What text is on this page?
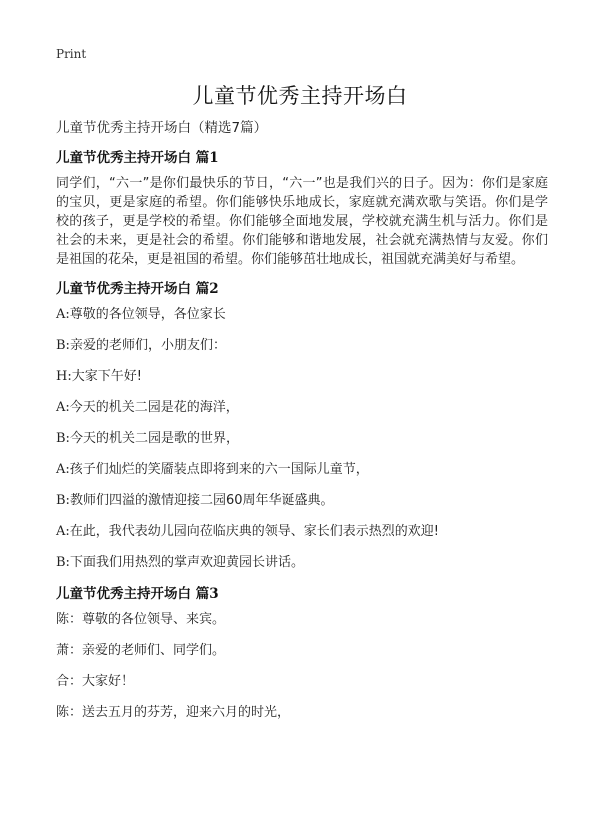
Print
儿童节优秀主持开场白
儿童节优秀主持开场白（精选7篇）
儿童节优秀主持开场白 篇1
同学们，“六一”是你们最快乐的节日，“六一”也是我们兴的日子。因为：你们是家庭的宝贝，更是家庭的希望。你们能够快乐地成长，家庭就充满欢歌与笑语。你们是学校的孩子，更是学校的希望。你们能够全面地发展，学校就充满生机与活力。你们是社会的未来，更是社会的希望。你们能够和谐地发展，社会就充满热情与友爱。你们是祖国的花朵，更是祖国的希望。你们能够茁壮地成长，祖国就充满美好与希望。
儿童节优秀主持开场白 篇2
A:尊敬的各位领导，各位家长
B:亲爱的老师们，小朋友们：
H:大家下午好!
A:今天的机关二园是花的海洋，
B:今天的机关二园是歌的世界，
A:孩子们灿烂的笑靥装点即将到来的六一国际儿童节，
B:教师们四溢的激情迎接二园60周年华诞盛典。
A:在此，我代表幼儿园向莅临庆典的领导、家长们表示热烈的欢迎!
B:下面我们用热烈的掌声欢迎黄园长讲话。
儿童节优秀主持开场白 篇3
陈：尊敬的各位领导、来宾。
萧：亲爱的老师们、同学们。
合：大家好！
陈：送去五月的芬芳，迎来六月的时光，
